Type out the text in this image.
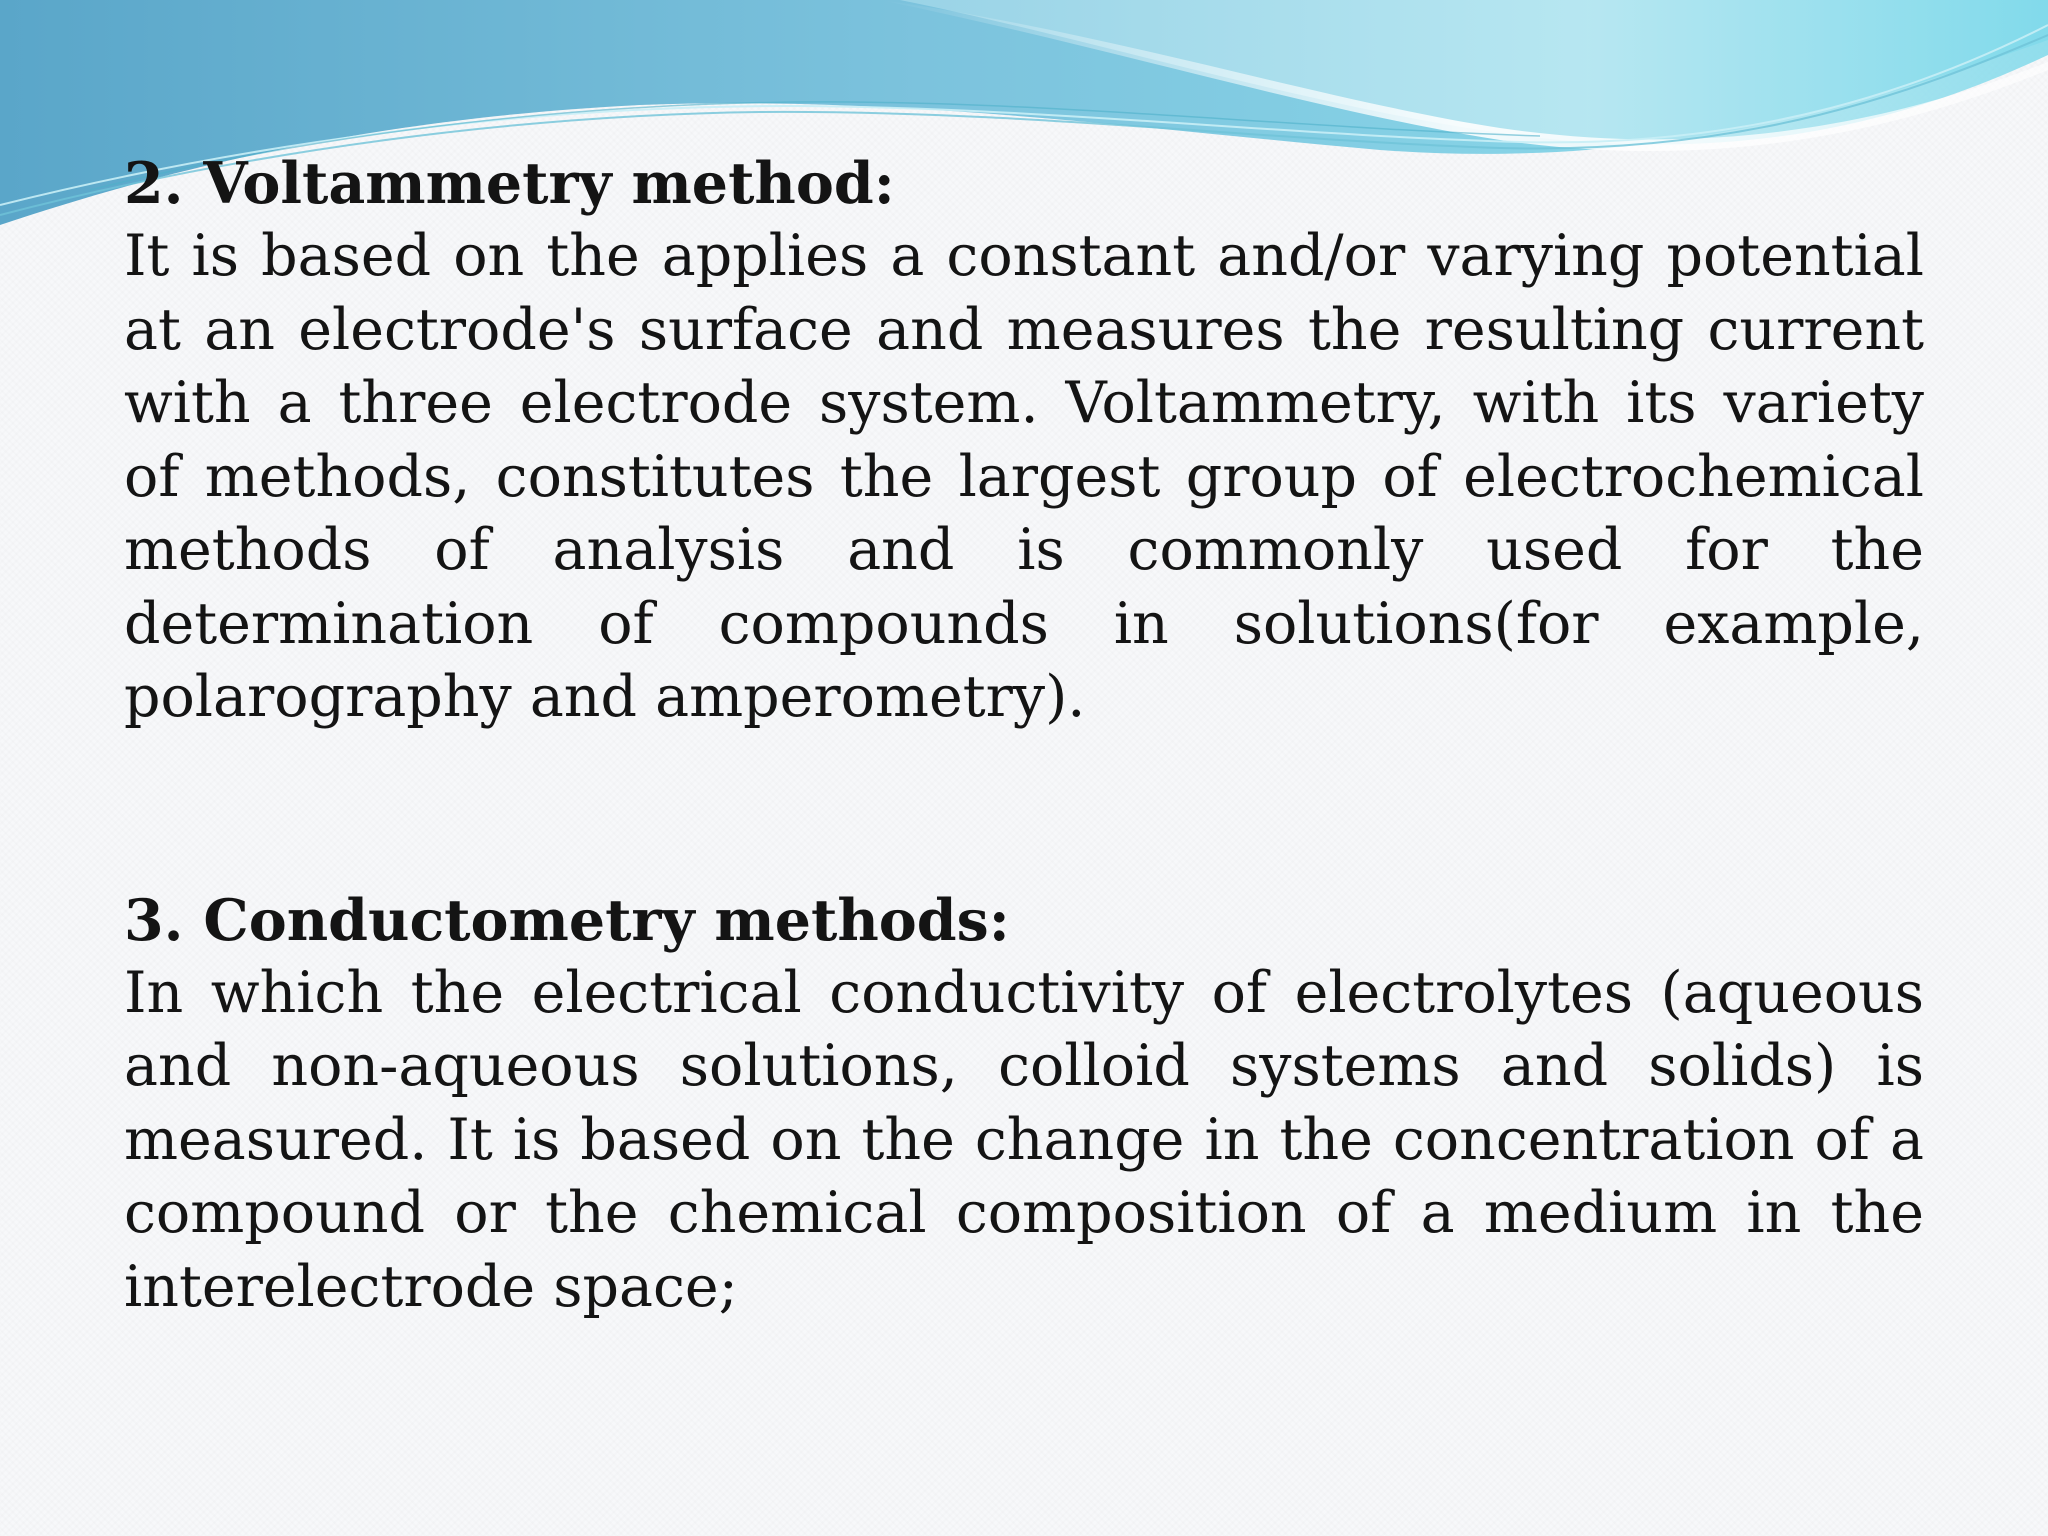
2. Voltammetry method:

It is based on the applies a constant and/or varying potential at an electrode's surface and measures the resulting current with a three electrode system. Voltammetry, with its variety of methods, constitutes the largest group of electrochemical methods of analysis and is commonly used for the determination of compounds in solutions(for example, polarography and amperometry).

3. Conductometry methods:

In which the electrical conductivity of electrolytes (aqueous and non-aqueous solutions, colloid systems and solids) is measured. It is based on the change in the concentration of a compound or the chemical composition of a medium in the interelectrode space;
